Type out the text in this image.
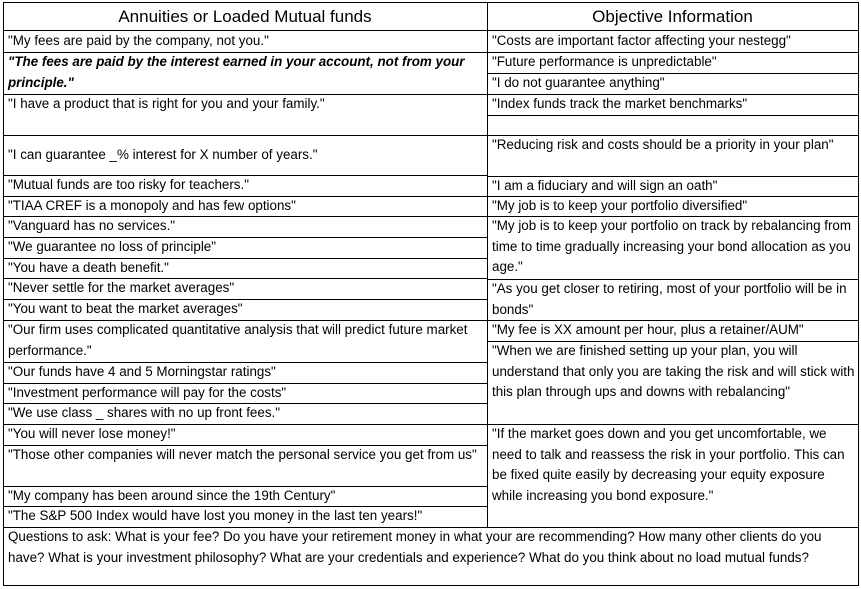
Annuities or Loaded Mutual funds	Objective Information
"My fees are paid by the company, not you."
"The fees are paid by the interest earned in your account, not from your principle."
"I have a product that is right for you and your family."
"I can guarantee _% interest for X number of years."
"Mutual funds are too risky for teachers."
"TIAA CREF is a monopoly and has few options"
"Vanguard has no services."
"We guarantee no loss of principle"
"You have a death benefit."
"Never settle for the market averages"
"You want to beat the market averages"
"Our firm uses complicated quantitative analysis that will predict future market performance."
"Our funds have 4 and 5 Morningstar ratings"
"Investment performance will pay for the costs"
"We use class _ shares with no up front fees."
"You will never lose money!"
"Those other companies will never match the personal service you get from us"
"My company has been around since the 19th Century"
"The S&P 500 Index would have lost you money in the last ten years!"
"Costs are important factor affecting your nestegg"
"Future performance is unpredictable"
"I do not guarantee anything"
"Index funds track the market benchmarks"
"Reducing risk and costs should be a priority in your plan"
"I am a fiduciary and will sign an oath"
"My job is to keep your portfolio diversified"
"My job is to keep your portfolio on track by rebalancing from time to time gradually increasing your bond allocation as you age."
"As you get closer to retiring, most of your portfolio will be in bonds"
"My fee is XX amount per hour, plus a retainer/AUM"
"When we are finished setting up your plan, you will understand that only you are taking the risk and will stick with this plan through ups and downs with rebalancing"
"If the market goes down and you get uncomfortable, we need to talk and reassess the risk in your portfolio. This can be fixed quite easily by decreasing your equity exposure while increasing you bond exposure."
Questions to ask: What is your fee? Do you have your retirement money in what your are recommending? How many other clients do you have? What is your investment philosophy? What are your credentials and experience? What do you think about no load mutual funds?
